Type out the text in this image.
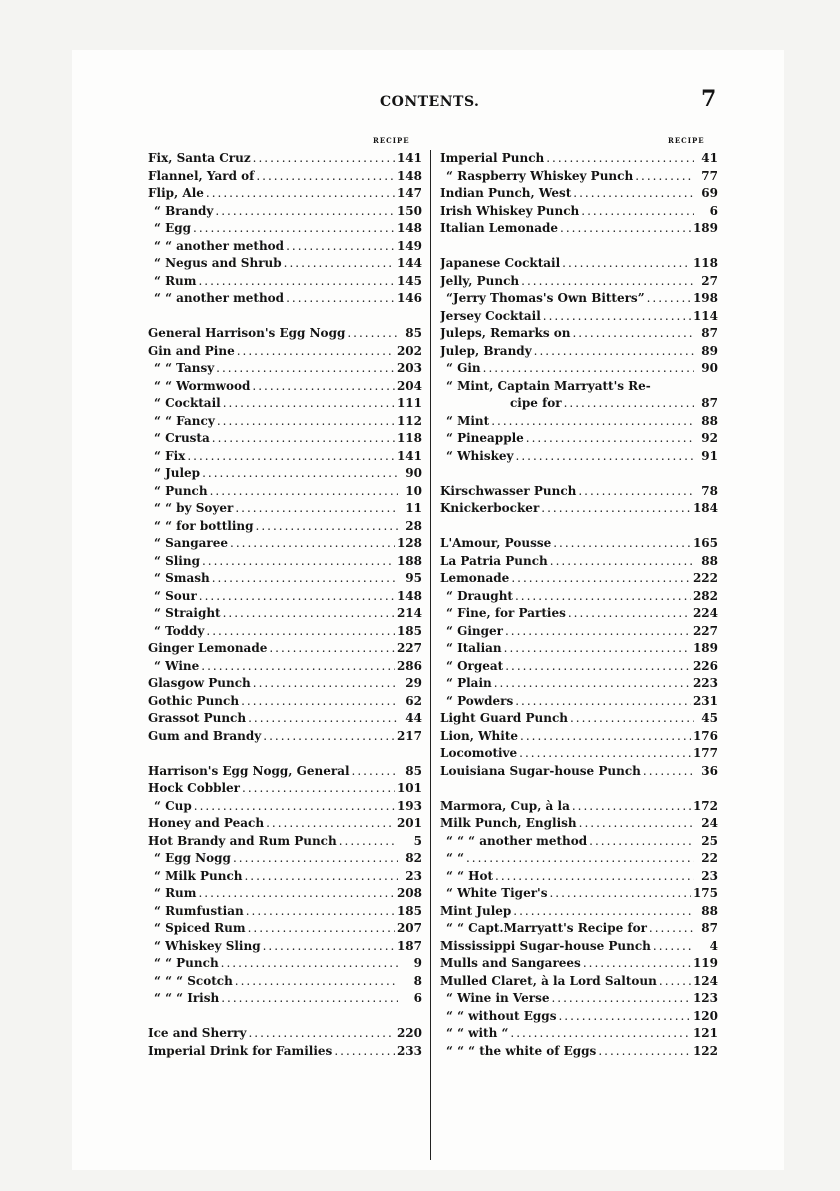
CONTENTS.	7
RECIPE	RECIPE
Fix, Santa Cruz .....	141
Flannel, Yard of .....	148
Flip, Ale .....	147
“ Brandy .....	150
“ Egg .....	148
“ “ another method .....	149
“ Negus and Shrub .....	144
“ Rum .....	145
“ “ another method .....	146
General Harrison's Egg Nogg .....	85
Gin and Pine .....	202
“ “ Tansy .....	203
“ “ Wormwood .....	204
“ Cocktail .....	111
“ “ Fancy .....	112
“ Crusta .....	118
“ Fix .....	141
“ Julep .....	90
“ Punch .....	10
“ “ by Soyer .....	11
“ “ for bottling .....	28
“ Sangaree .....	128
“ Sling .....	188
“ Smash .....	95
“ Sour .....	148
“ Straight .....	214
“ Toddy .....	185
Ginger Lemonade .....	227
“ Wine .....	286
Glasgow Punch .....	29
Gothic Punch .....	62
Grassot Punch .....	44
Gum and Brandy .....	217
Harrison's Egg Nogg, General .....	85
Hock Cobbler .....	101
“ Cup .....	193
Honey and Peach .....	201
Hot Brandy and Rum Punch .....	5
“ Egg Nogg .....	82
“ Milk Punch .....	23
“ Rum .....	208
“ Rumfustian .....	185
“ Spiced Rum .....	207
“ Whiskey Sling .....	187
“ “ Punch .....	9
“ “ “ Scotch .....	8
“ “ “ Irish .....	6
Ice and Sherry .....	220
Imperial Drink for Families .....	233
Imperial Punch .....	41
“ Raspberry Whiskey Punch .....	77
Indian Punch, West .....	69
Irish Whiskey Punch .....	6
Italian Lemonade .....	189
Japanese Cocktail .....	118
Jelly, Punch .....	27
“Jerry Thomas's Own Bitters” .....	198
Jersey Cocktail .....	114
Juleps, Remarks on .....	87
Julep, Brandy .....	89
“ Gin .....	90
“ Mint, Captain Marryatt's Re-
cipe for .....	87
“ Mint .....	88
“ Pineapple .....	92
“ Whiskey .....	91
Kirschwasser Punch .....	78
Knickerbocker .....	184
L'Amour, Pousse .....	165
La Patria Punch .....	88
Lemonade .....	222
“ Draught .....	282
“ Fine, for Parties .....	224
“ Ginger .....	227
“ Italian .....	189
“ Orgeat .....	226
“ Plain .....	223
“ Powders .....	231
Light Guard Punch .....	45
Lion, White .....	176
Locomotive .....	177
Louisiana Sugar-house Punch .....	36
Marmora, Cup, à la .....	172
Milk Punch, English .....	24
“ “ “ another method .....	25
“ “ .....	22
“ “ Hot .....	23
“ White Tiger's .....	175
Mint Julep .....	88
“ “ Capt.Marryatt's Recipe for .....	87
Mississippi Sugar-house Punch .....	4
Mulls and Sangarees .....	119
Mulled Claret, à la Lord Saltoun .....	124
“ Wine in Verse .....	123
“ “ without Eggs .....	120
“ “ with “ .....	121
“ “ “ the white of Eggs .....	122
